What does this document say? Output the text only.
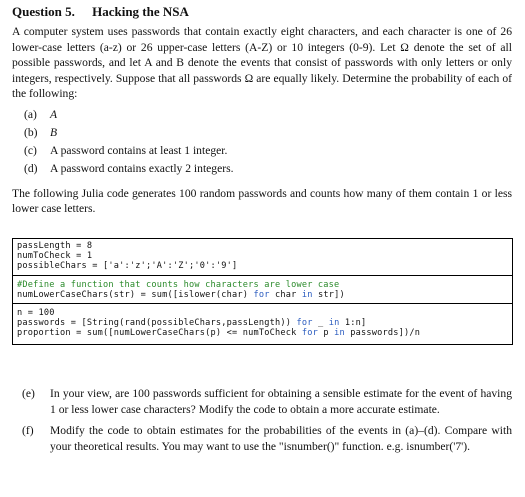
Question 5. Hacking the NSA

A computer system uses passwords that contain exactly eight characters, and each character is one of 26 lower-case letters (a-z) or 26 upper-case letters (A-Z) or 10 integers (0-9). Let Ω denote the set of all possible passwords, and let A and B denote the events that consist of passwords with only letters or only integers, respectively. Suppose that all passwords Ω are equally likely. Determine the probability of each of the following:

(a) A
(b) B
(c) A password contains at least 1 integer.
(d) A password contains exactly 2 integers.

The following Julia code generates 100 random passwords and counts how many of them contain 1 or less lower case letters.

passLength = 8
numToCheck = 1
possibleChars = ['a':'z';'A':'Z';'0':'9']
#Define a function that counts how characters are lower case
numLowerCaseChars(str) = sum([islower(char) for char in str])
n = 100
passwords = [String(rand(possibleChars,passLength)) for _ in 1:n]
proportion = sum([numLowerCaseChars(p) <= numToCheck for p in passwords])/n
(e)	In your view, are 100 passwords sufficient for obtaining a sensible estimate for the event of having 1 or less lower case characters? Modify the code to obtain a more accurate estimate.
(f)	Modify the code to obtain estimates for the probabilities of the events in (a)–(d). Compare with your theoretical results. You may want to use the "isnumber()" function. e.g. isnumber('7').
